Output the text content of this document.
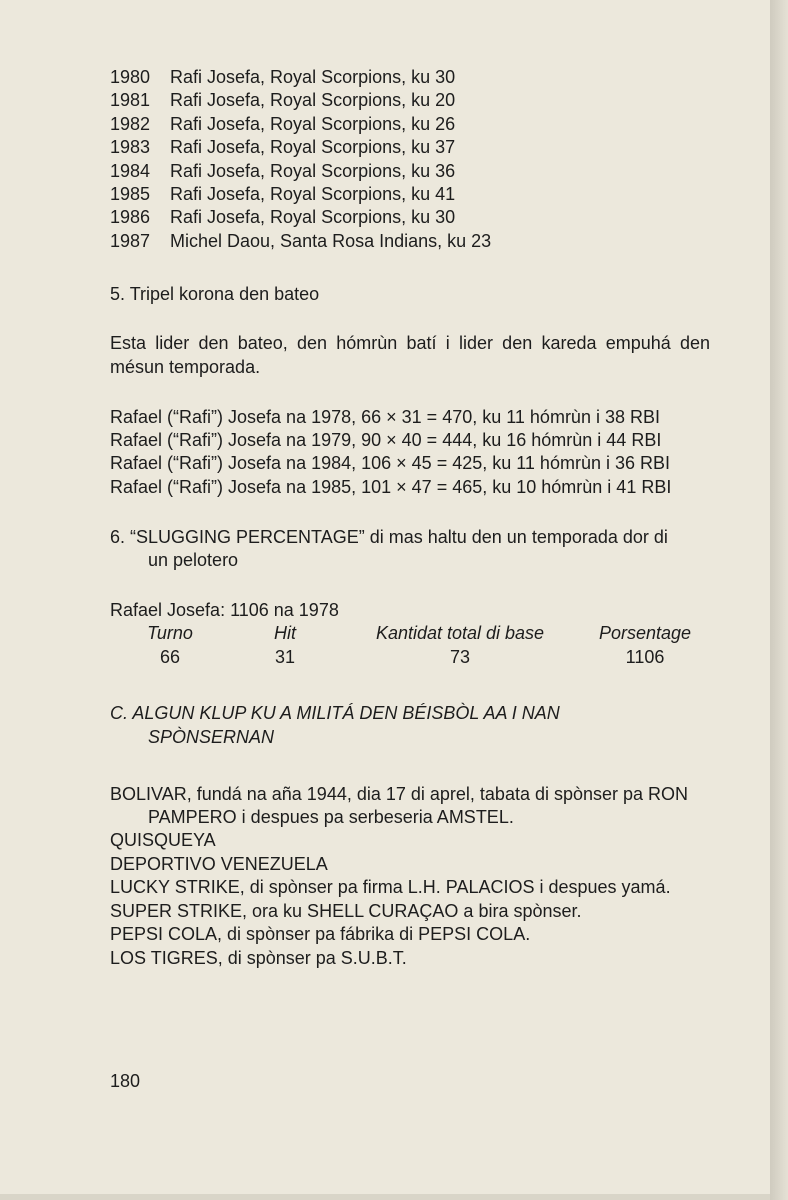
1980 Rafi Josefa, Royal Scorpions, ku 30
1981 Rafi Josefa, Royal Scorpions, ku 20
1982 Rafi Josefa, Royal Scorpions, ku 26
1983 Rafi Josefa, Royal Scorpions, ku 37
1984 Rafi Josefa, Royal Scorpions, ku 36
1985 Rafi Josefa, Royal Scorpions, ku 41
1986 Rafi Josefa, Royal Scorpions, ku 30
1987 Michel Daou, Santa Rosa Indians, ku 23
5. Tripel korona den bateo
Esta lider den bateo, den hómrùn batí i lider den kareda empuhá den
mésun temporada.
Rafael (“Rafi”) Josefa na 1978, 66 × 31 = 470, ku 11 hómrùn i 38 RBI
Rafael (“Rafi”) Josefa na 1979, 90 × 40 = 444, ku 16 hómrùn i 44 RBI
Rafael (“Rafi”) Josefa na 1984, 106 × 45 = 425, ku 11 hómrùn i 36 RBI
Rafael (“Rafi”) Josefa na 1985, 101 × 47 = 465, ku 10 hómrùn i 41 RBI
6. “SLUGGING PERCENTAGE” di mas haltu den un temporada dor di
un pelotero
Rafael Josefa: 1106 na 1978
Turno	Hit	Kantidat total di base	Porsentage
66	31	73	1106
C. ALGUN KLUP KU A MILITÁ DEN BÉISBÒL AA I NAN
SPÒNSERNAN
BOLIVAR, fundá na aña 1944, dia 17 di aprel, tabata di spònser pa RON
PAMPERO i despues pa serbeseria AMSTEL.
QUISQUEYA
DEPORTIVO VENEZUELA
LUCKY STRIKE, di spònser pa firma L.H. PALACIOS i despues yamá.
SUPER STRIKE, ora ku SHELL CURAÇAO a bira spònser.
PEPSI COLA, di spònser pa fábrika di PEPSI COLA.
LOS TIGRES, di spònser pa S.U.B.T.
180
